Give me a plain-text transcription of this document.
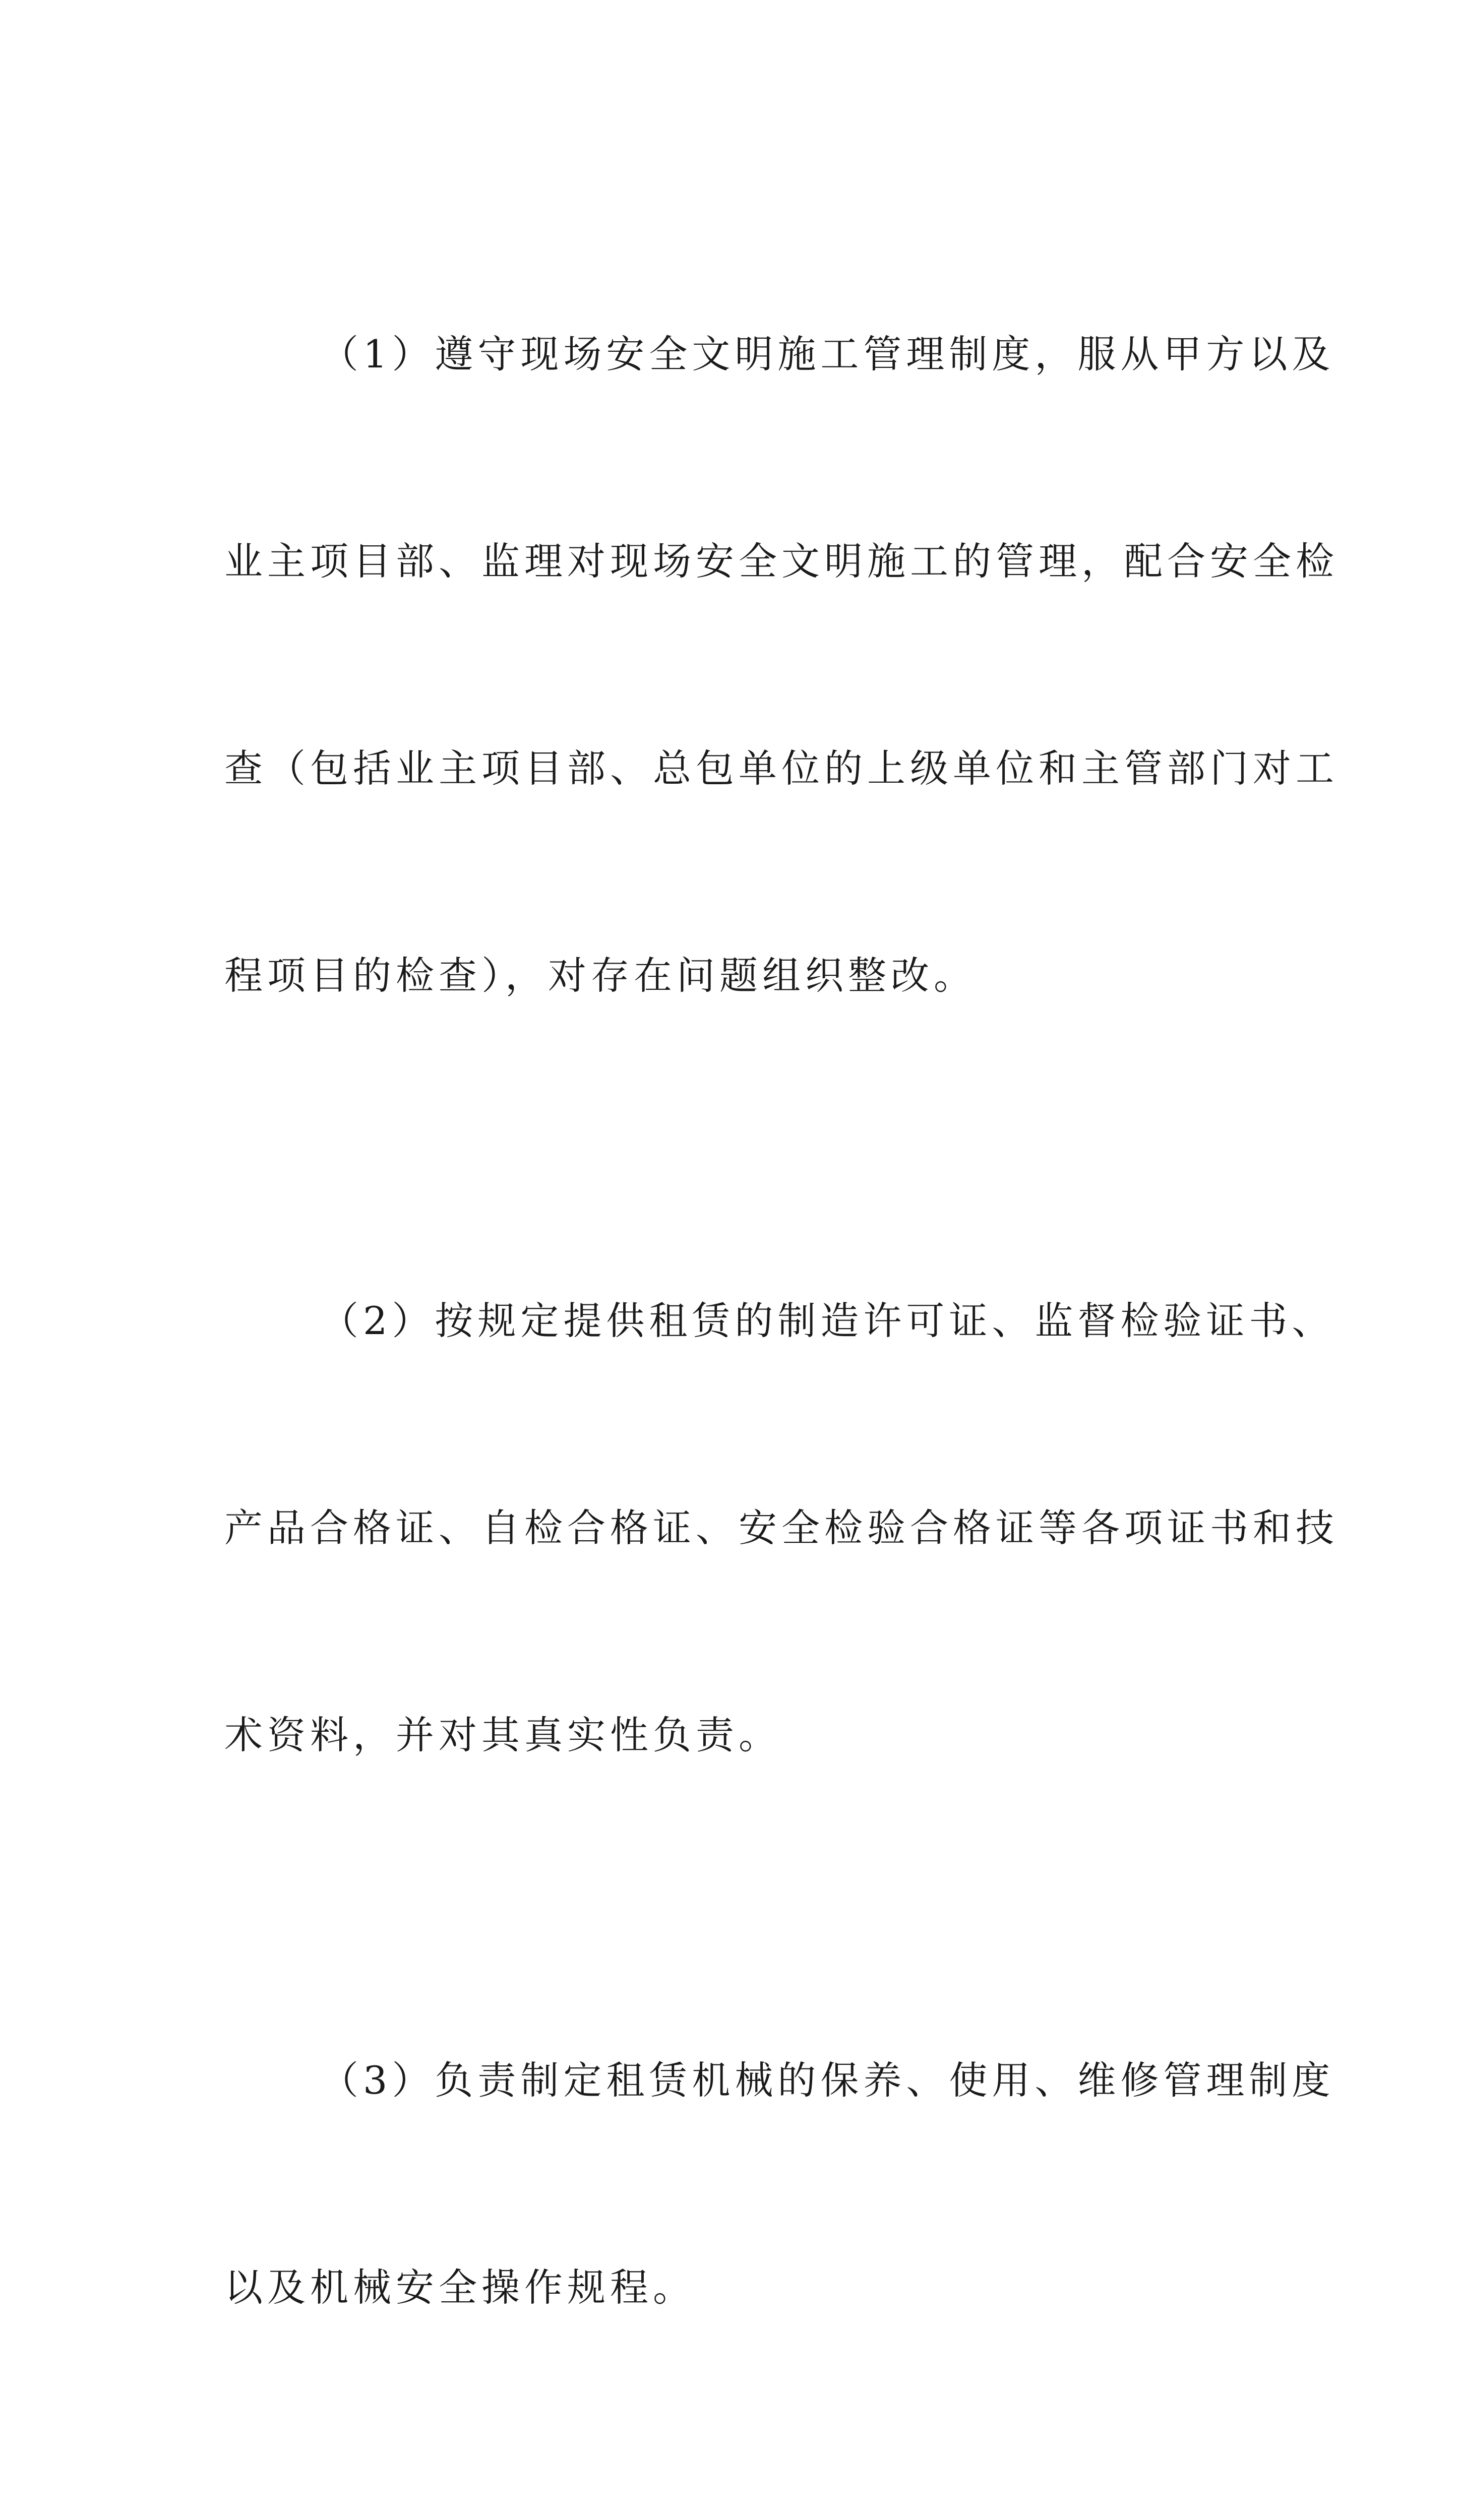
（1）遵守现场安全文明施工管理制度，服从甲方以及

业主项目部、监理对现场安全文明施工的管理，配合安全检

查（包括业主项目部、总包单位的上级单位和主管部门对工

程项目的检查），对存在问题组织整改。

（2）按规定提供租赁的制造许可证、监督检验证书、

产品合格证、自检合格证、安全检验合格证等各项证书和技

术资料，并对其真实性负责。

（3）负责制定租赁机械的保养、使用、维修管理制度

以及机械安全操作规程。
